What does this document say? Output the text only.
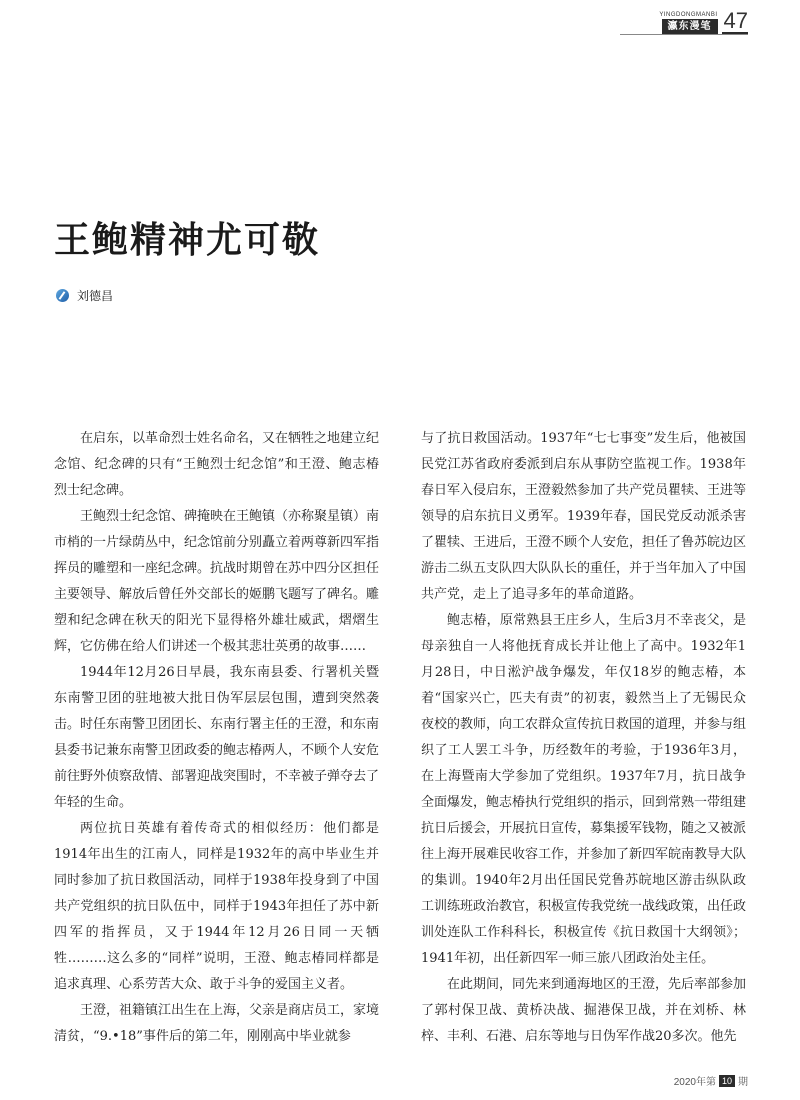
YINGDONGMANBI
瀛东漫笔 47
王鲍精神尤可敬
刘德昌

在启东，以革命烈士姓名命名，又在牺牲之地建立纪念馆、纪念碑的只有“王鲍烈士纪念馆”和王澄、鲍志椿烈士纪念碑。

王鲍烈士纪念馆、碑掩映在王鲍镇（亦称聚星镇）南市梢的一片绿荫丛中，纪念馆前分别矗立着两尊新四军指挥员的雕塑和一座纪念碑。抗战时期曾在苏中四分区担任主要领导、解放后曾任外交部长的姬鹏飞题写了碑名。雕塑和纪念碑在秋天的阳光下显得格外雄壮威武，熠熠生辉，它仿佛在给人们讲述一个极其悲壮英勇的故事……

1944年12月26日早晨，我东南县委、行署机关暨东南警卫团的驻地被大批日伪军层层包围，遭到突然袭击。时任东南警卫团团长、东南行署主任的王澄，和东南县委书记兼东南警卫团政委的鲍志椿两人，不顾个人安危前往野外侦察敌情、部署迎战突围时，不幸被子弹夺去了年轻的生命。

两位抗日英雄有着传奇式的相似经历：他们都是1914年出生的江南人，同样是1932年的高中毕业生并同时参加了抗日救国活动，同样于1938年投身到了中国共产党组织的抗日队伍中，同样于1943年担任了苏中新四军的指挥员，又于1944年12月26日同一天牺牲………这么多的“同样”说明，王澄、鲍志椿同样都是追求真理、心系劳苦大众、敢于斗争的爱国主义者。

王澄，祖籍镇江出生在上海，父亲是商店员工，家境清贫，“9.•18”事件后的第二年，刚刚高中毕业就参

与了抗日救国活动。1937年“七七事变”发生后，他被国民党江苏省政府委派到启东从事防空监视工作。1938年春日军入侵启东，王澄毅然参加了共产党员瞿犊、王进等领导的启东抗日义勇军。1939年春，国民党反动派杀害了瞿犊、王进后，王澄不顾个人安危，担任了鲁苏皖边区游击二纵五支队四大队队长的重任，并于当年加入了中国共产党，走上了追寻多年的革命道路。

鲍志椿，原常熟县王庄乡人，生后3月不幸丧父，是母亲独自一人将他抚育成长并让他上了高中。1932年1月28日，中日淞沪战争爆发，年仅18岁的鲍志椿，本着“国家兴亡，匹夫有责”的初衷，毅然当上了无锡民众夜校的教师，向工农群众宣传抗日救国的道理，并参与组织了工人罢工斗争，历经数年的考验，于1936年3月，在上海暨南大学参加了党组织。1937年7月，抗日战争全面爆发，鲍志椿执行党组织的指示，回到常熟一带组建抗日后援会，开展抗日宣传，募集援军钱物，随之又被派往上海开展难民收容工作，并参加了新四军皖南教导大队的集训。1940年2月出任国民党鲁苏皖地区游击纵队政工训练班政治教官，积极宣传我党统一战线政策，出任政训处连队工作科科长，积极宣传《抗日救国十大纲领》；1941年初，出任新四军一师三旅八团政治处主任。

在此期间，同先来到通海地区的王澄，先后率部参加了郭村保卫战、黄桥决战、掘港保卫战，并在刘桥、林梓、丰利、石港、启东等地与日伪军作战20多次。他先

2020年 第 10 期
